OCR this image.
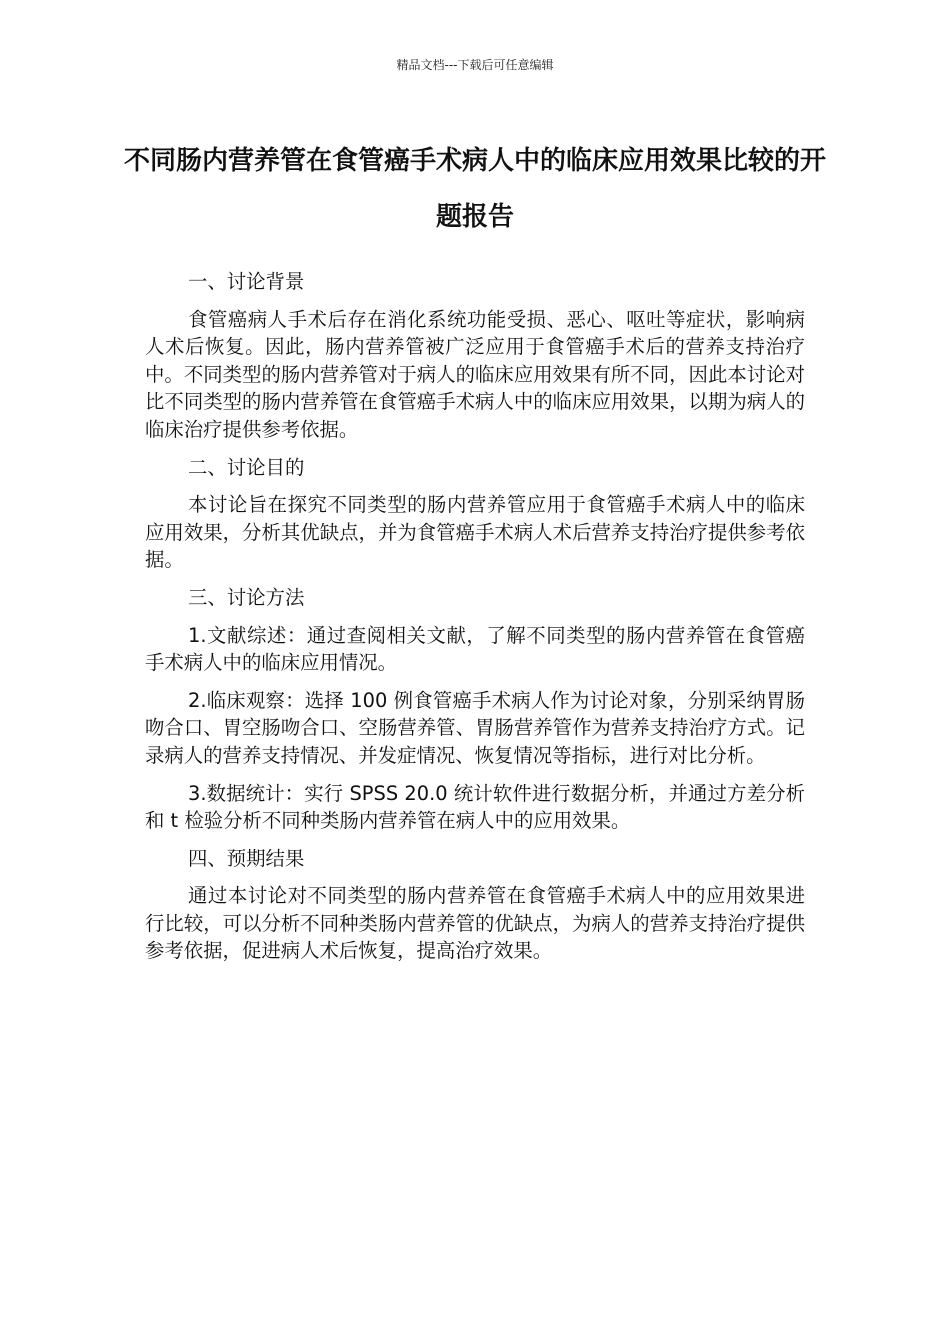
精品文档---下载后可任意编辑
不同肠内营养管在食管癌手术病人中的临床应用效果比较的开题报告
一、讨论背景

食管癌病人手术后存在消化系统功能受损、恶心、呕吐等症状，影响病人术后恢复。因此，肠内营养管被广泛应用于食管癌手术后的营养支持治疗中。不同类型的肠内营养管对于病人的临床应用效果有所不同，因此本讨论对比不同类型的肠内营养管在食管癌手术病人中的临床应用效果，以期为病人的临床治疗提供参考依据。

二、讨论目的

本讨论旨在探究不同类型的肠内营养管应用于食管癌手术病人中的临床应用效果，分析其优缺点，并为食管癌手术病人术后营养支持治疗提供参考依据。

三、讨论方法

1.文献综述：通过查阅相关文献，了解不同类型的肠内营养管在食管癌手术病人中的临床应用情况。

2.临床观察：选择 100 例食管癌手术病人作为讨论对象，分别采纳胃肠吻合口、胃空肠吻合口、空肠营养管、胃肠营养管作为营养支持治疗方式。记录病人的营养支持情况、并发症情况、恢复情况等指标，进行对比分析。

3.数据统计：实行 SPSS 20.0 统计软件进行数据分析，并通过方差分析和 t 检验分析不同种类肠内营养管在病人中的应用效果。

四、预期结果

通过本讨论对不同类型的肠内营养管在食管癌手术病人中的应用效果进行比较，可以分析不同种类肠内营养管的优缺点，为病人的营养支持治疗提供参考依据，促进病人术后恢复，提高治疗效果。
